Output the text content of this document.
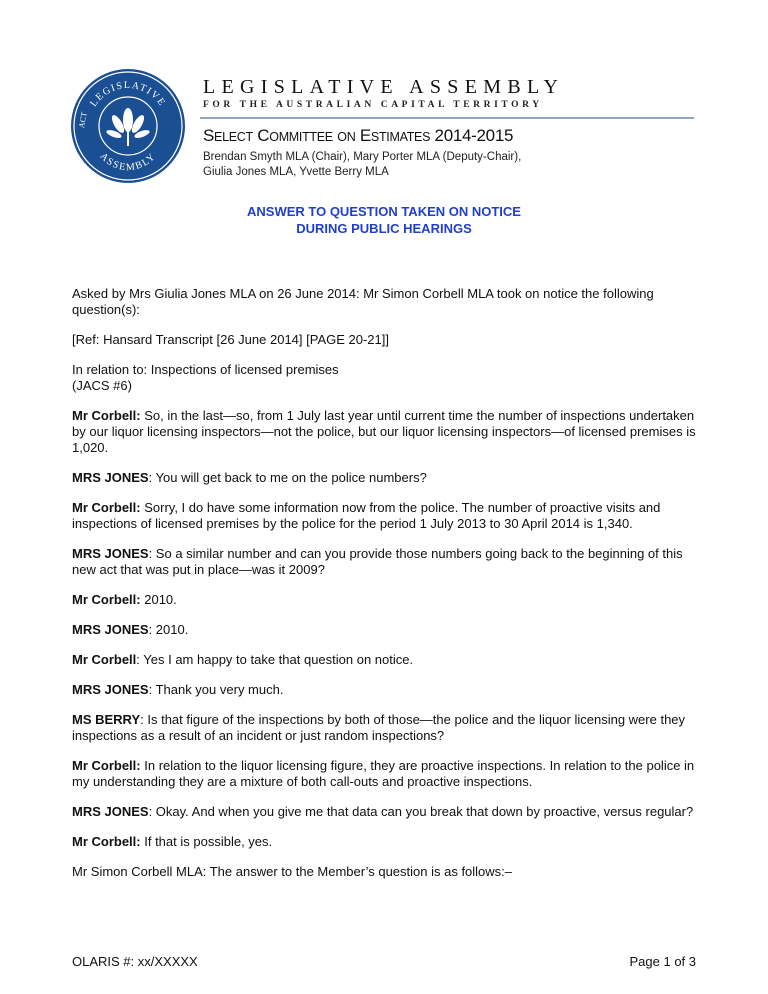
LEGISLATIVE
ASSEMBLY
ACT
LEGISLATIVE ASSEMBLY

FOR THE AUSTRALIAN CAPITAL TERRITORY

SELECT COMMITTEE ON ESTIMATES 2014-2015

Brendan Smyth MLA (Chair), Mary Porter MLA (Deputy-Chair),
Giulia Jones MLA, Yvette Berry MLA

ANSWER TO QUESTION TAKEN ON NOTICE
DURING PUBLIC HEARINGS

Asked by Mrs Giulia Jones MLA on 26 June 2014: Mr Simon Corbell MLA took on notice the following question(s):

[Ref: Hansard Transcript [26 June 2014] [PAGE 20-21]]

In relation to: Inspections of licensed premises

(JACS #6)

Mr Corbell: So, in the last—so, from 1 July last year until current time the number of inspections undertaken by our liquor licensing inspectors—not the police, but our liquor licensing inspectors—of licensed premises is 1,020.

MRS JONES: You will get back to me on the police numbers?

Mr Corbell: Sorry, I do have some information now from the police. The number of proactive visits and inspections of licensed premises by the police for the period 1 July 2013 to 30 April 2014 is 1,340.

MRS JONES: So a similar number and can you provide those numbers going back to the beginning of this new act that was put in place—was it 2009?

Mr Corbell: 2010.

MRS JONES: 2010.

Mr Corbell: Yes I am happy to take that question on notice.

MRS JONES: Thank you very much.

MS BERRY: Is that figure of the inspections by both of those—the police and the liquor licensing were they inspections as a result of an incident or just random inspections?

Mr Corbell: In relation to the liquor licensing figure, they are proactive inspections. In relation to the police in my understanding they are a mixture of both call-outs and proactive inspections.

MRS JONES: Okay. And when you give me that data can you break that down by proactive, versus regular?

Mr Corbell: If that is possible, yes.

Mr Simon Corbell MLA: The answer to the Member’s question is as follows:–

OLARIS #: xx/XXXXX	Page 1 of 3
